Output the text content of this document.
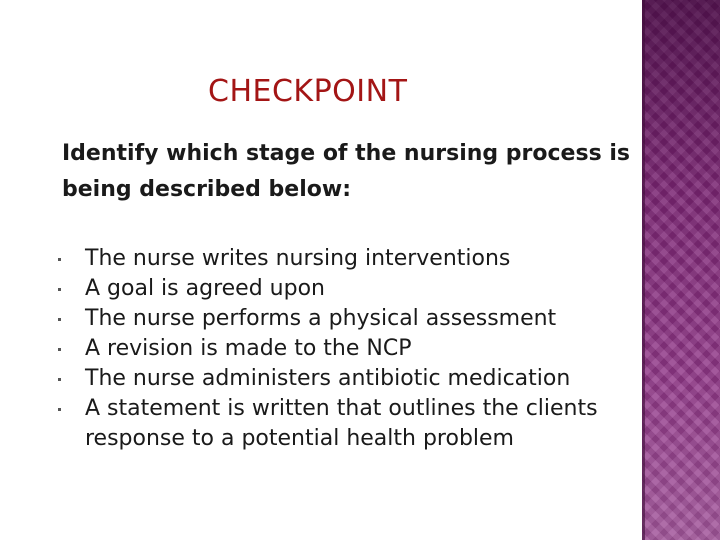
CHECKPOINT

Identify which stage of the nursing process is being described below:

The nurse writes nursing interventions
A goal is agreed upon
The nurse performs a physical assessment
A revision is made to the NCP
The nurse administers antibiotic medication
A statement is written that outlines the clients response to a potential health problem
